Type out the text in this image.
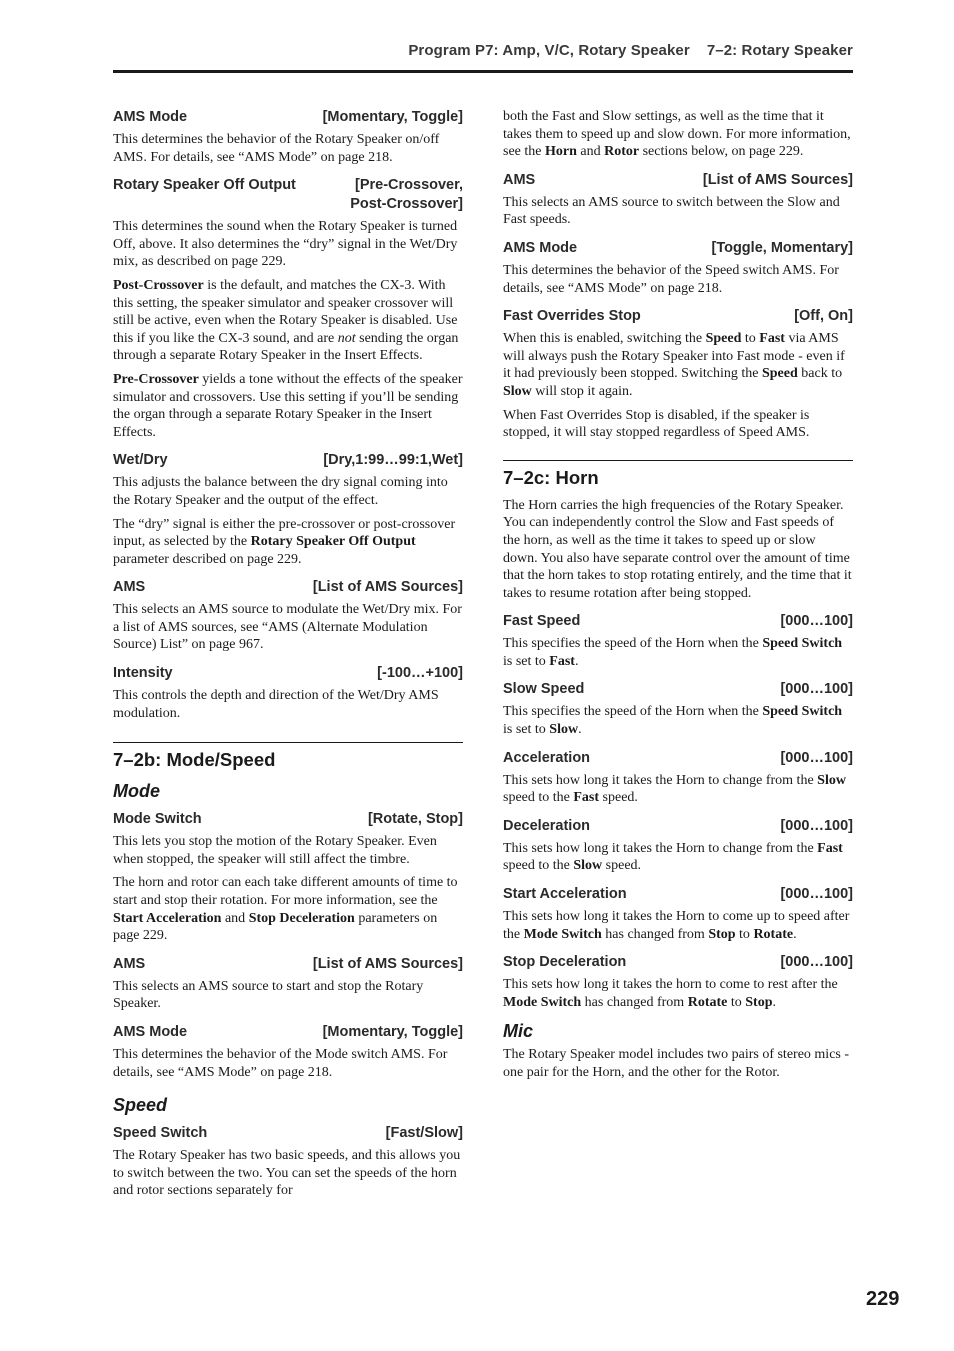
Program P7: Amp, V/C, Rotary Speaker    7–2: Rotary Speaker
AMS Mode	[Momentary, Toggle]

This determines the behavior of the Rotary Speaker on/off AMS. For details, see “AMS Mode” on page 218.

Rotary Speaker Off Output	[Pre-Crossover,
Post-Crossover]

This determines the sound when the Rotary Speaker is turned Off, above. It also determines the “dry” signal in the Wet/Dry mix, as described on page 229.

Post-Crossover is the default, and matches the CX-3. With this setting, the speaker simulator and speaker crossover will still be active, even when the Rotary Speaker is disabled. Use this if you like the CX-3 sound, and are not sending the organ through a separate Rotary Speaker in the Insert Effects.

Pre-Crossover yields a tone without the effects of the speaker simulator and crossovers. Use this setting if you’ll be sending the organ through a separate Rotary Speaker in the Insert Effects.

Wet/Dry	[Dry,1:99…99:1,Wet]

This adjusts the balance between the dry signal coming into the Rotary Speaker and the output of the effect.

The “dry” signal is either the pre-crossover or post-crossover input, as selected by the Rotary Speaker Off Output parameter described on page 229.

AMS	[List of AMS Sources]

This selects an AMS source to modulate the Wet/Dry mix. For a list of AMS sources, see “AMS (Alternate Modulation Source) List” on page 967.

Intensity	[-100…+100]

This controls the depth and direction of the Wet/Dry AMS modulation.

7–2b: Mode/Speed
Mode
Mode Switch	[Rotate, Stop]

This lets you stop the motion of the Rotary Speaker. Even when stopped, the speaker will still affect the timbre.

The horn and rotor can each take different amounts of time to start and stop their rotation. For more information, see the Start Acceleration and Stop Deceleration parameters on page 229.

AMS	[List of AMS Sources]

This selects an AMS source to start and stop the Rotary Speaker.

AMS Mode	[Momentary, Toggle]

This determines the behavior of the Mode switch AMS. For details, see “AMS Mode” on page 218.

Speed
Speed Switch	[Fast/Slow]

The Rotary Speaker has two basic speeds, and this allows you to switch between the two. You can set the speeds of the horn and rotor sections separately for

both the Fast and Slow settings, as well as the time that it takes them to speed up and slow down. For more information, see the Horn and Rotor sections below, on page 229.

AMS	[List of AMS Sources]

This selects an AMS source to switch between the Slow and Fast speeds.

AMS Mode	[Toggle, Momentary]

This determines the behavior of the Speed switch AMS. For details, see “AMS Mode” on page 218.

Fast Overrides Stop	[Off, On]

When this is enabled, switching the Speed to Fast via AMS will always push the Rotary Speaker into Fast mode - even if it had previously been stopped. Switching the Speed back to Slow will stop it again.

When Fast Overrides Stop is disabled, if the speaker is stopped, it will stay stopped regardless of Speed AMS.

7–2c: Horn

The Horn carries the high frequencies of the Rotary Speaker. You can independently control the Slow and Fast speeds of the horn, as well as the time it takes to speed up or slow down. You also have separate control over the amount of time that the horn takes to stop rotating entirely, and the time that it takes to resume rotation after being stopped.

Fast Speed	[000…100]

This specifies the speed of the Horn when the Speed Switch is set to Fast.

Slow Speed	[000…100]

This specifies the speed of the Horn when the Speed Switch is set to Slow.

Acceleration	[000…100]

This sets how long it takes the Horn to change from the Slow speed to the Fast speed.

Deceleration	[000…100]

This sets how long it takes the Horn to change from the Fast speed to the Slow speed.

Start Acceleration	[000…100]

This sets how long it takes the Horn to come up to speed after the Mode Switch has changed from Stop to Rotate.

Stop Deceleration	[000…100]

This sets how long it takes the horn to come to rest after the Mode Switch has changed from Rotate to Stop.

Mic

The Rotary Speaker model includes two pairs of stereo mics - one pair for the Horn, and the other for the Rotor.

229
